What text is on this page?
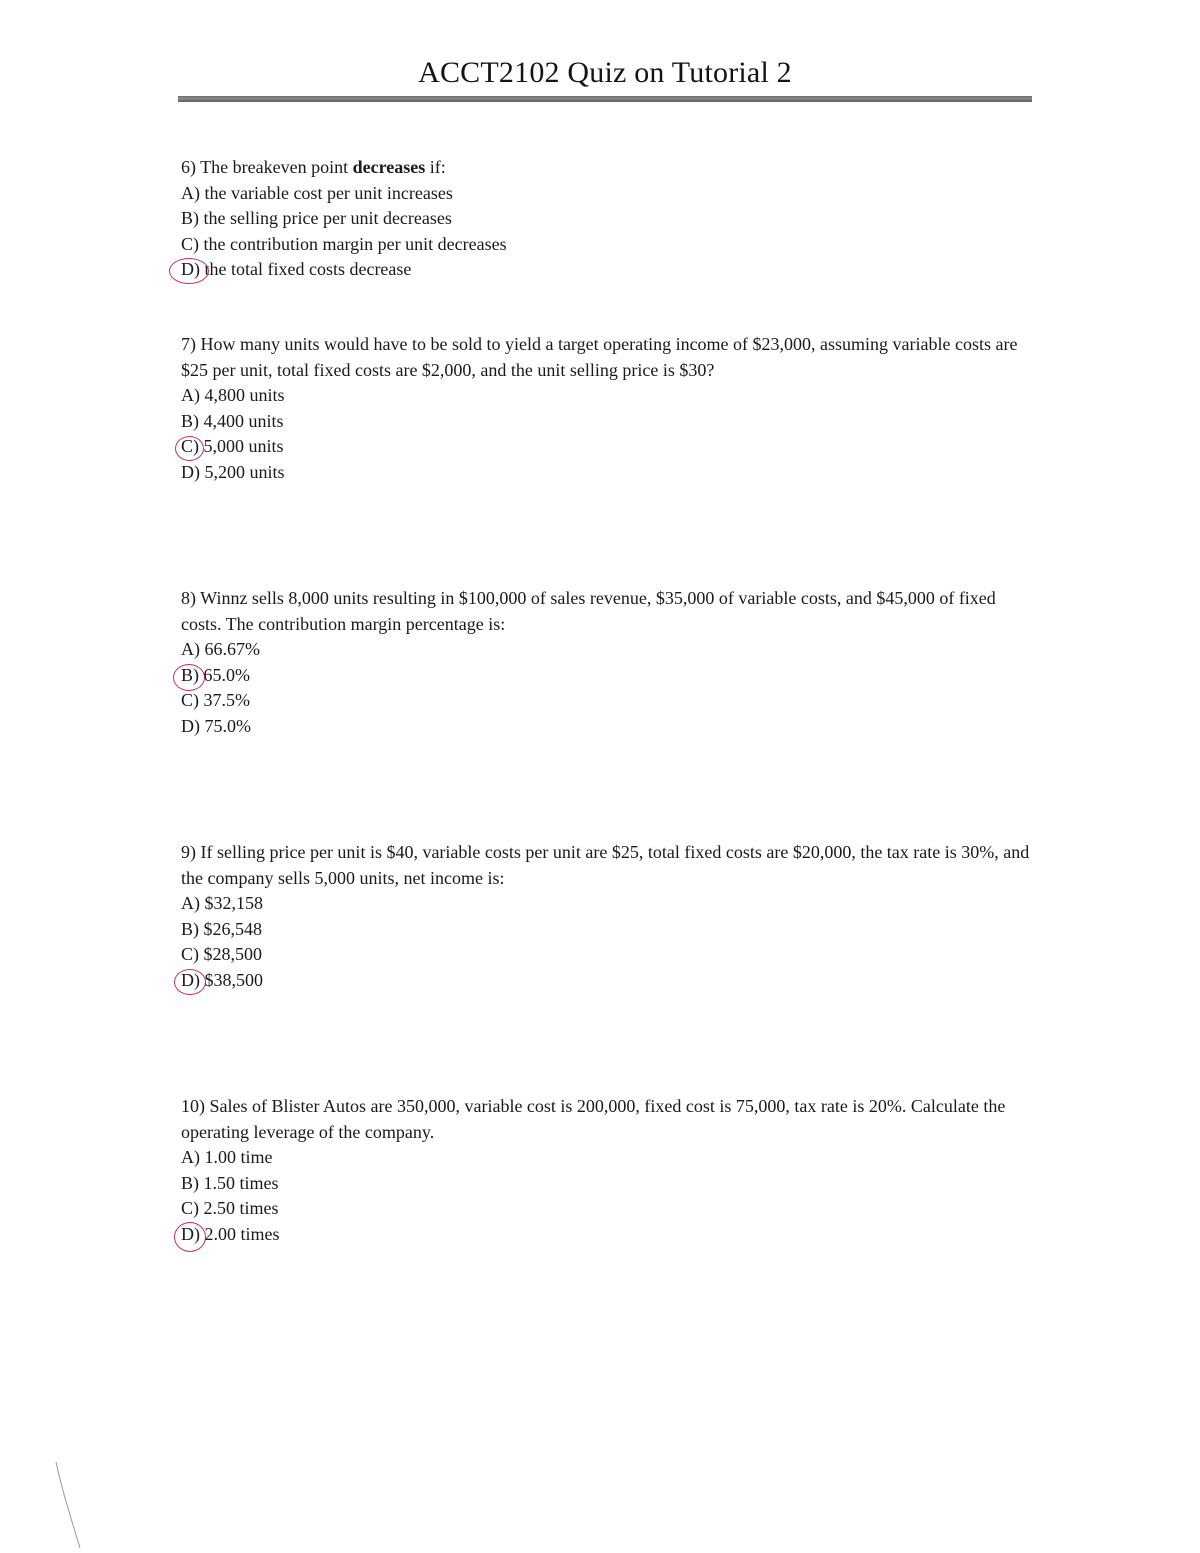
ACCT2102 Quiz on Tutorial 2
6) The breakeven point decreases if:
A) the variable cost per unit increases
B) the selling price per unit decreases
C) the contribution margin per unit decreases
D) the total fixed costs decrease
7) How many units would have to be sold to yield a target operating income of $23,000, assuming variable costs are $25 per unit, total fixed costs are $2,000, and the unit selling price is $30?
A) 4,800 units
B) 4,400 units
C) 5,000 units
D) 5,200 units
8) Winnz sells 8,000 units resulting in $100,000 of sales revenue, $35,000 of variable costs, and $45,000 of fixed costs. The contribution margin percentage is:
A) 66.67%
B) 65.0%
C) 37.5%
D) 75.0%
9) If selling price per unit is $40, variable costs per unit are $25, total fixed costs are $20,000, the tax rate is 30%, and the company sells 5,000 units, net income is:
A) $32,158
B) $26,548
C) $28,500
D) $38,500
10) Sales of Blister Autos are 350,000, variable cost is 200,000, fixed cost is 75,000, tax rate is 20%. Calculate the operating leverage of the company.
A) 1.00 time
B) 1.50 times
C) 2.50 times
D) 2.00 times
